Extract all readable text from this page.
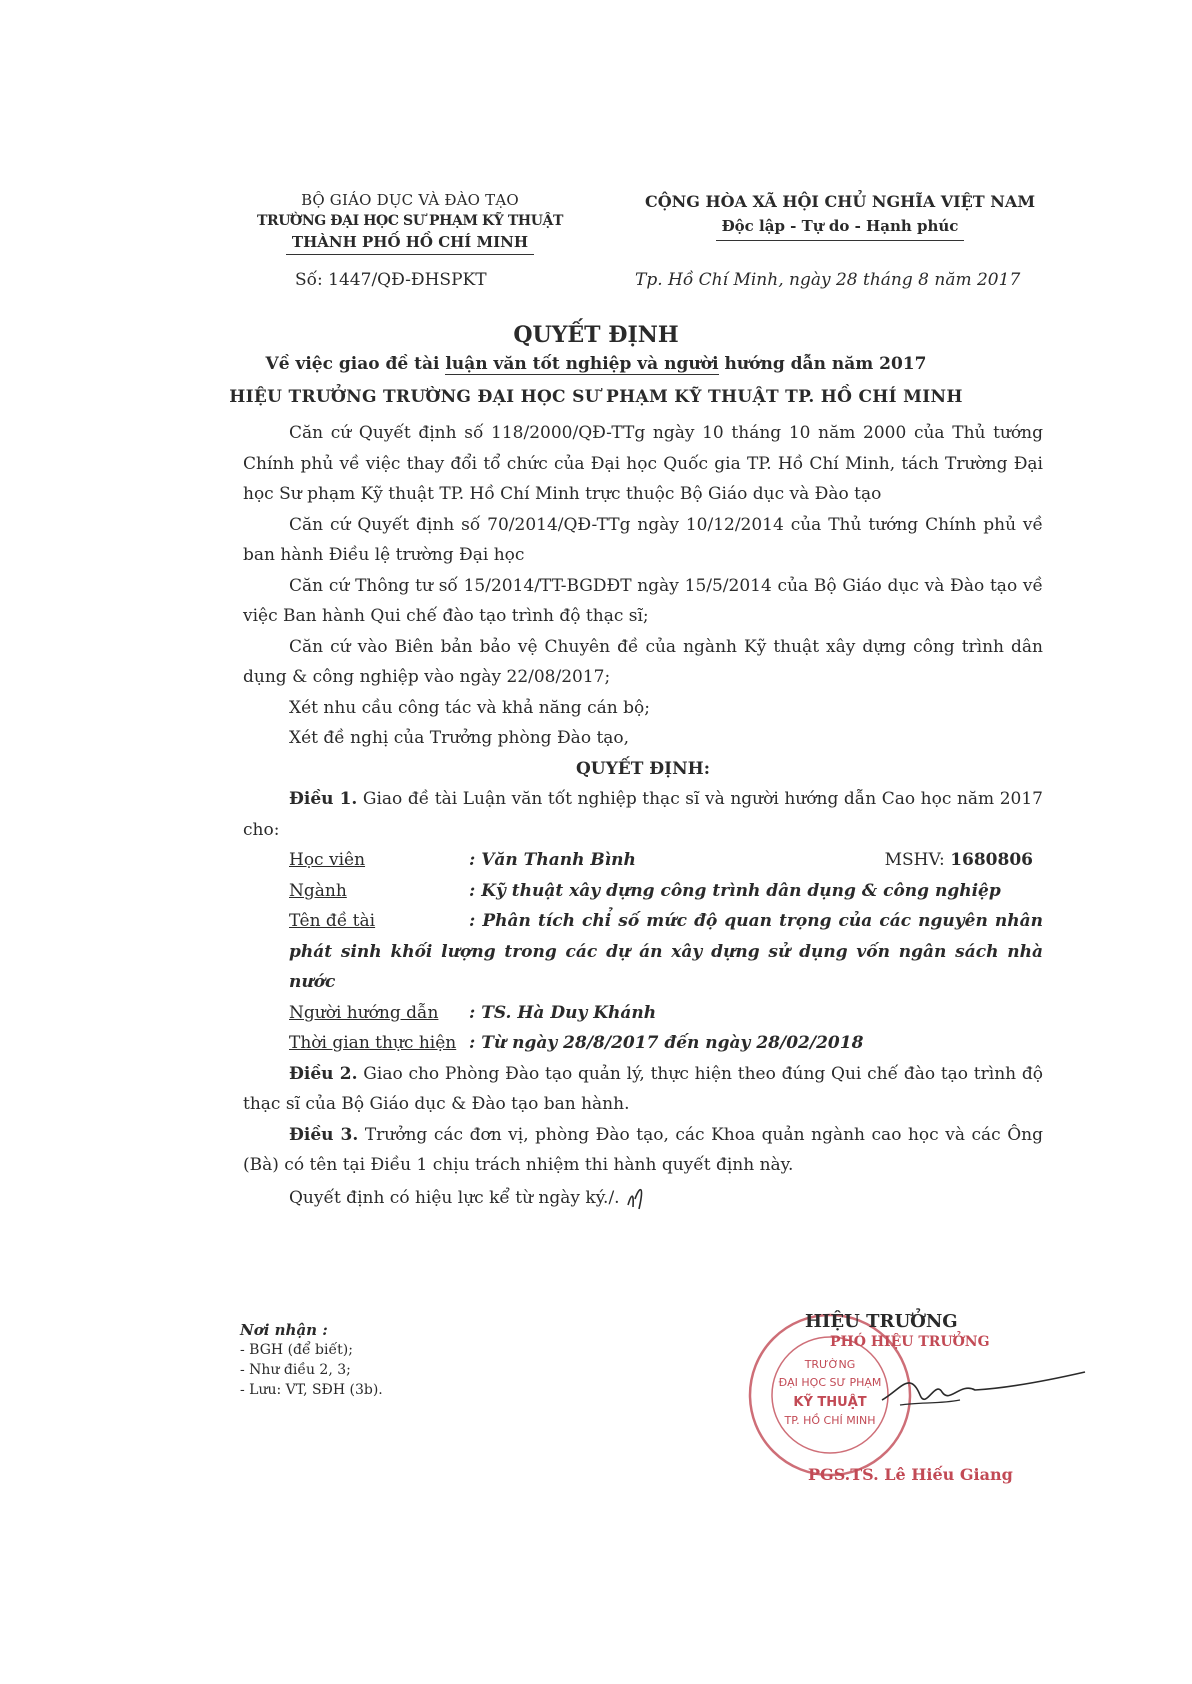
BỘ GIÁO DỤC VÀ ĐÀO TẠO
TRƯỜNG ĐẠI HỌC SƯ PHẠM KỸ THUẬT
THÀNH PHỐ HỒ CHÍ MINH
Số: 1447/QĐ-ĐHSPKT
CỘNG HÒA XÃ HỘI CHỦ NGHĨA VIỆT NAM
Độc lập - Tự do - Hạnh phúc
Tp. Hồ Chí Minh, ngày 28 tháng 8 năm 2017
QUYẾT ĐỊNH
Về việc giao đề tài luận văn tốt nghiệp và người hướng dẫn năm 2017
HIỆU TRƯỞNG TRƯỜNG ĐẠI HỌC SƯ PHẠM KỸ THUẬT TP. HỒ CHÍ MINH

Căn cứ Quyết định số 118/2000/QĐ-TTg ngày 10 tháng 10 năm 2000 của Thủ tướng Chính phủ về việc thay đổi tổ chức của Đại học Quốc gia TP. Hồ Chí Minh, tách Trường Đại học Sư phạm Kỹ thuật TP. Hồ Chí Minh trực thuộc Bộ Giáo dục và Đào tạo

Căn cứ Quyết định số 70/2014/QĐ-TTg ngày 10/12/2014 của Thủ tướng Chính phủ về ban hành Điều lệ trường Đại học

Căn cứ Thông tư số 15/2014/TT-BGDĐT ngày 15/5/2014 của Bộ Giáo dục và Đào tạo về việc Ban hành Qui chế đào tạo trình độ thạc sĩ;

Căn cứ vào Biên bản bảo vệ Chuyên đề của ngành Kỹ thuật xây dựng công trình dân dụng & công nghiệp vào ngày 22/08/2017;

Xét nhu cầu công tác và khả năng cán bộ;

Xét đề nghị của Trưởng phòng Đào tạo,

QUYẾT ĐỊNH:

Điều 1. Giao đề tài Luận văn tốt nghiệp thạc sĩ và người hướng dẫn Cao học năm 2017 cho:

Học viên	: Văn Thanh Bình	MSHV: 1680806
Ngành	: Kỹ thuật xây dựng công trình dân dụng & công nghiệp

Tên đề tài	: Phân tích chỉ số mức độ quan trọng của các nguyên nhân phát sinh khối lượng trong các dự án xây dựng sử dụng vốn ngân sách nhà nước

Người hướng dẫn : TS. Hà Duy Khánh
Thời gian thực hiện : Từ ngày 28/8/2017 đến ngày 28/02/2018

Điều 2. Giao cho Phòng Đào tạo quản lý, thực hiện theo đúng Qui chế đào tạo trình độ thạc sĩ của Bộ Giáo dục & Đào tạo ban hành.

Điều 3. Trưởng các đơn vị, phòng Đào tạo, các Khoa quản ngành cao học và các Ông (Bà) có tên tại Điều 1 chịu trách nhiệm thi hành quyết định này.

Quyết định có hiệu lực kể từ ngày ký./.

Nơi nhận :
- BGH (để biết);
- Như điều 2, 3;
- Lưu: VT, SĐH (3b).
TRƯỜNG
ĐẠI HỌC SƯ PHẠM
KỸ THUẬT
TP. HỒ CHÍ MINH
HIỆU TRƯỞNG
PHÓ HIỆU TRƯỞNG
PGS.TS. Lê Hiếu Giang
